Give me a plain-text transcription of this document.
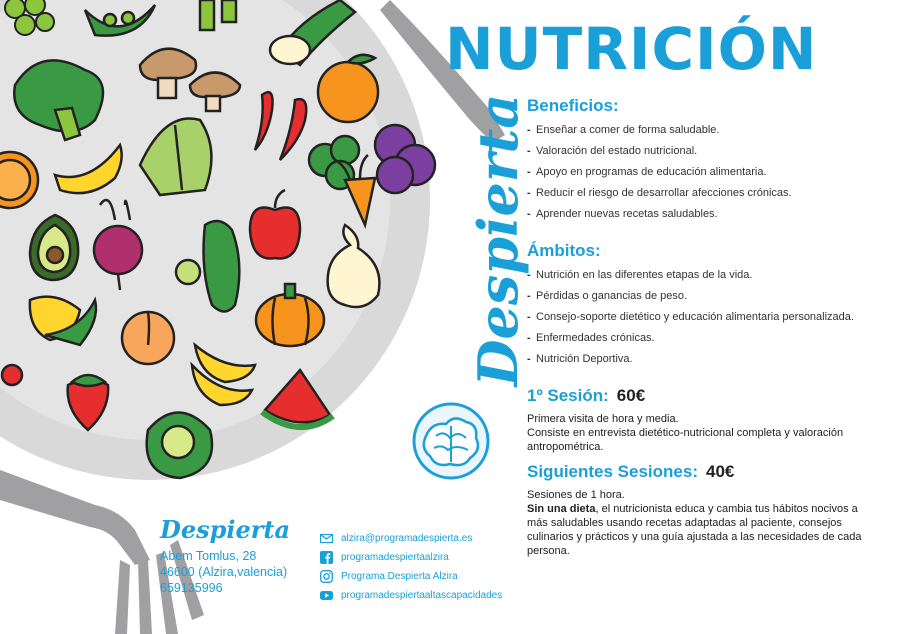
NUTRICIÓN
Despierta
Beneficios:
- Enseñar a comer de forma saludable.
- Valoración del estado nutricional.
- Apoyo en programas de educación alimentaria.
- Reducir el riesgo de desarrollar afecciones crónicas.
- Aprender nuevas recetas saludables.
Ámbitos:
- Nutrición en las diferentes etapas de la vida.
- Pérdidas o ganancias de peso.
- Consejo-soporte dietético y educación alimentaria personalizada.
- Enfermedades crónicas.
- Nutrición Deportiva.
1º Sesión: 60€

Primera visita de hora y media.

Consiste en entrevista dietético-nutricional completa y valoración antropométrica.

Siguientes Sesiones: 40€

Sesiones de 1 hora.

Sin una dieta, el nutricionista educa y cambia tus hábitos nocivos a más saludables usando recetas adaptadas al paciente, consejos culinarios y prácticos y una guía ajustada a las necesidades de cada persona.

Despierta
Abem Tomlus, 28
46600 (Alzira,valencia)
659135996
alzira@programadespierta.es
programadespiertaalzira
Programa Despierta Alzira
programadespiertaaltascapacidades
